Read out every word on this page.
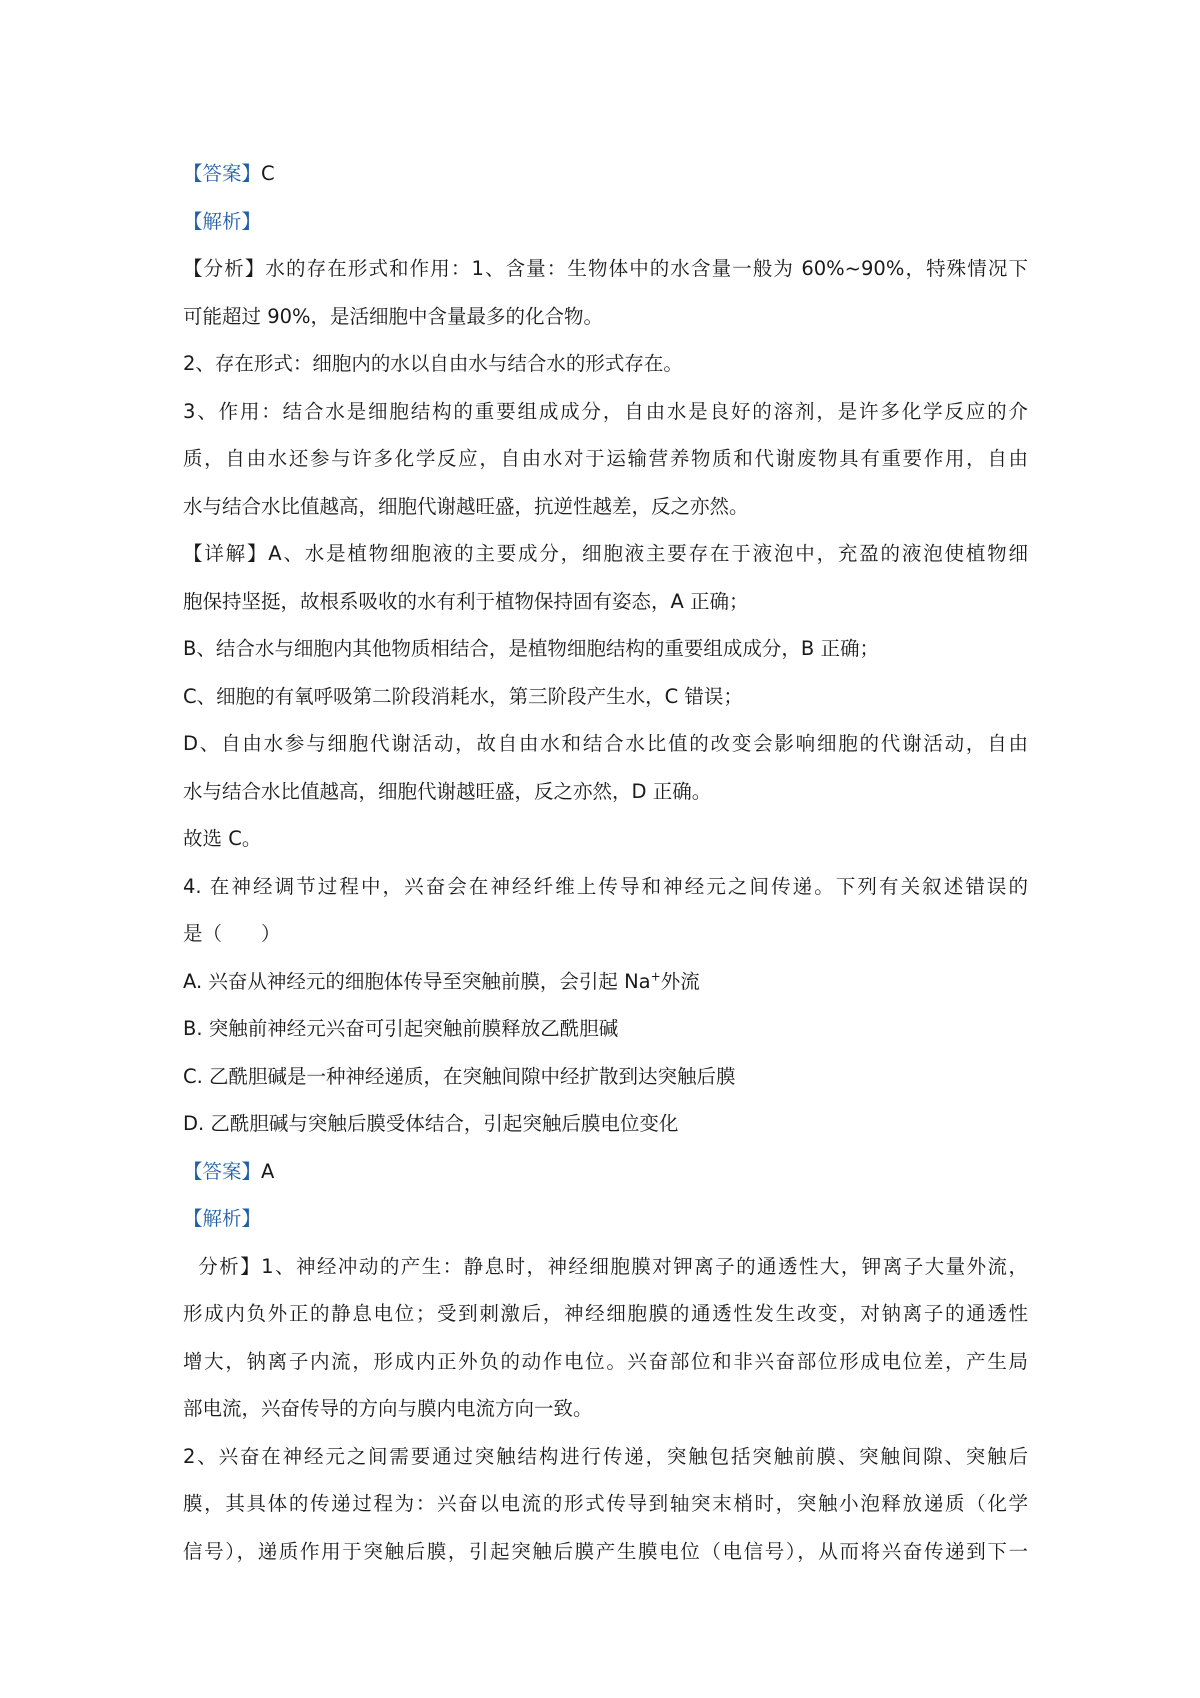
【答案】C
【解析】
【分析】水的存在形式和作用：1、含量：生物体中的水含量一般为 60%~90%，特殊情况下
可能超过 90%，是活细胞中含量最多的化合物。
2、存在形式：细胞内的水以自由水与结合水的形式存在。
3、作用：结合水是细胞结构的重要组成成分，自由水是良好的溶剂，是许多化学反应的介
质，自由水还参与许多化学反应，自由水对于运输营养物质和代谢废物具有重要作用，自由
水与结合水比值越高，细胞代谢越旺盛，抗逆性越差，反之亦然。
【详解】A、水是植物细胞液的主要成分，细胞液主要存在于液泡中，充盈的液泡使植物细
胞保持坚挺，故根系吸收的水有利于植物保持固有姿态，A 正确；
B、结合水与细胞内其他物质相结合，是植物细胞结构的重要组成成分，B 正确；
C、细胞的有氧呼吸第二阶段消耗水，第三阶段产生水，C 错误；
D、自由水参与细胞代谢活动，故自由水和结合水比值的改变会影响细胞的代谢活动，自由
水与结合水比值越高，细胞代谢越旺盛，反之亦然，D 正确。
故选 C。
4. 在神经调节过程中，兴奋会在神经纤维上传导和神经元之间传递。下列有关叙述错误的
是（　　）
A. 兴奋从神经元的细胞体传导至突触前膜，会引起 Na+外流
B. 突触前神经元兴奋可引起突触前膜释放乙酰胆碱
C. 乙酰胆碱是一种神经递质，在突触间隙中经扩散到达突触后膜
D. 乙酰胆碱与突触后膜受体结合，引起突触后膜电位变化
【答案】A
【解析】
分析】1、神经冲动的产生：静息时，神经细胞膜对钾离子的通透性大，钾离子大量外流，
形成内负外正的静息电位；受到刺激后，神经细胞膜的通透性发生改变，对钠离子的通透性
增大，钠离子内流，形成内正外负的动作电位。兴奋部位和非兴奋部位形成电位差，产生局
部电流，兴奋传导的方向与膜内电流方向一致。
2、兴奋在神经元之间需要通过突触结构进行传递，突触包括突触前膜、突触间隙、突触后
膜，其具体的传递过程为：兴奋以电流的形式传导到轴突末梢时，突触小泡释放递质（化学
信号），递质作用于突触后膜，引起突触后膜产生膜电位（电信号），从而将兴奋传递到下一
